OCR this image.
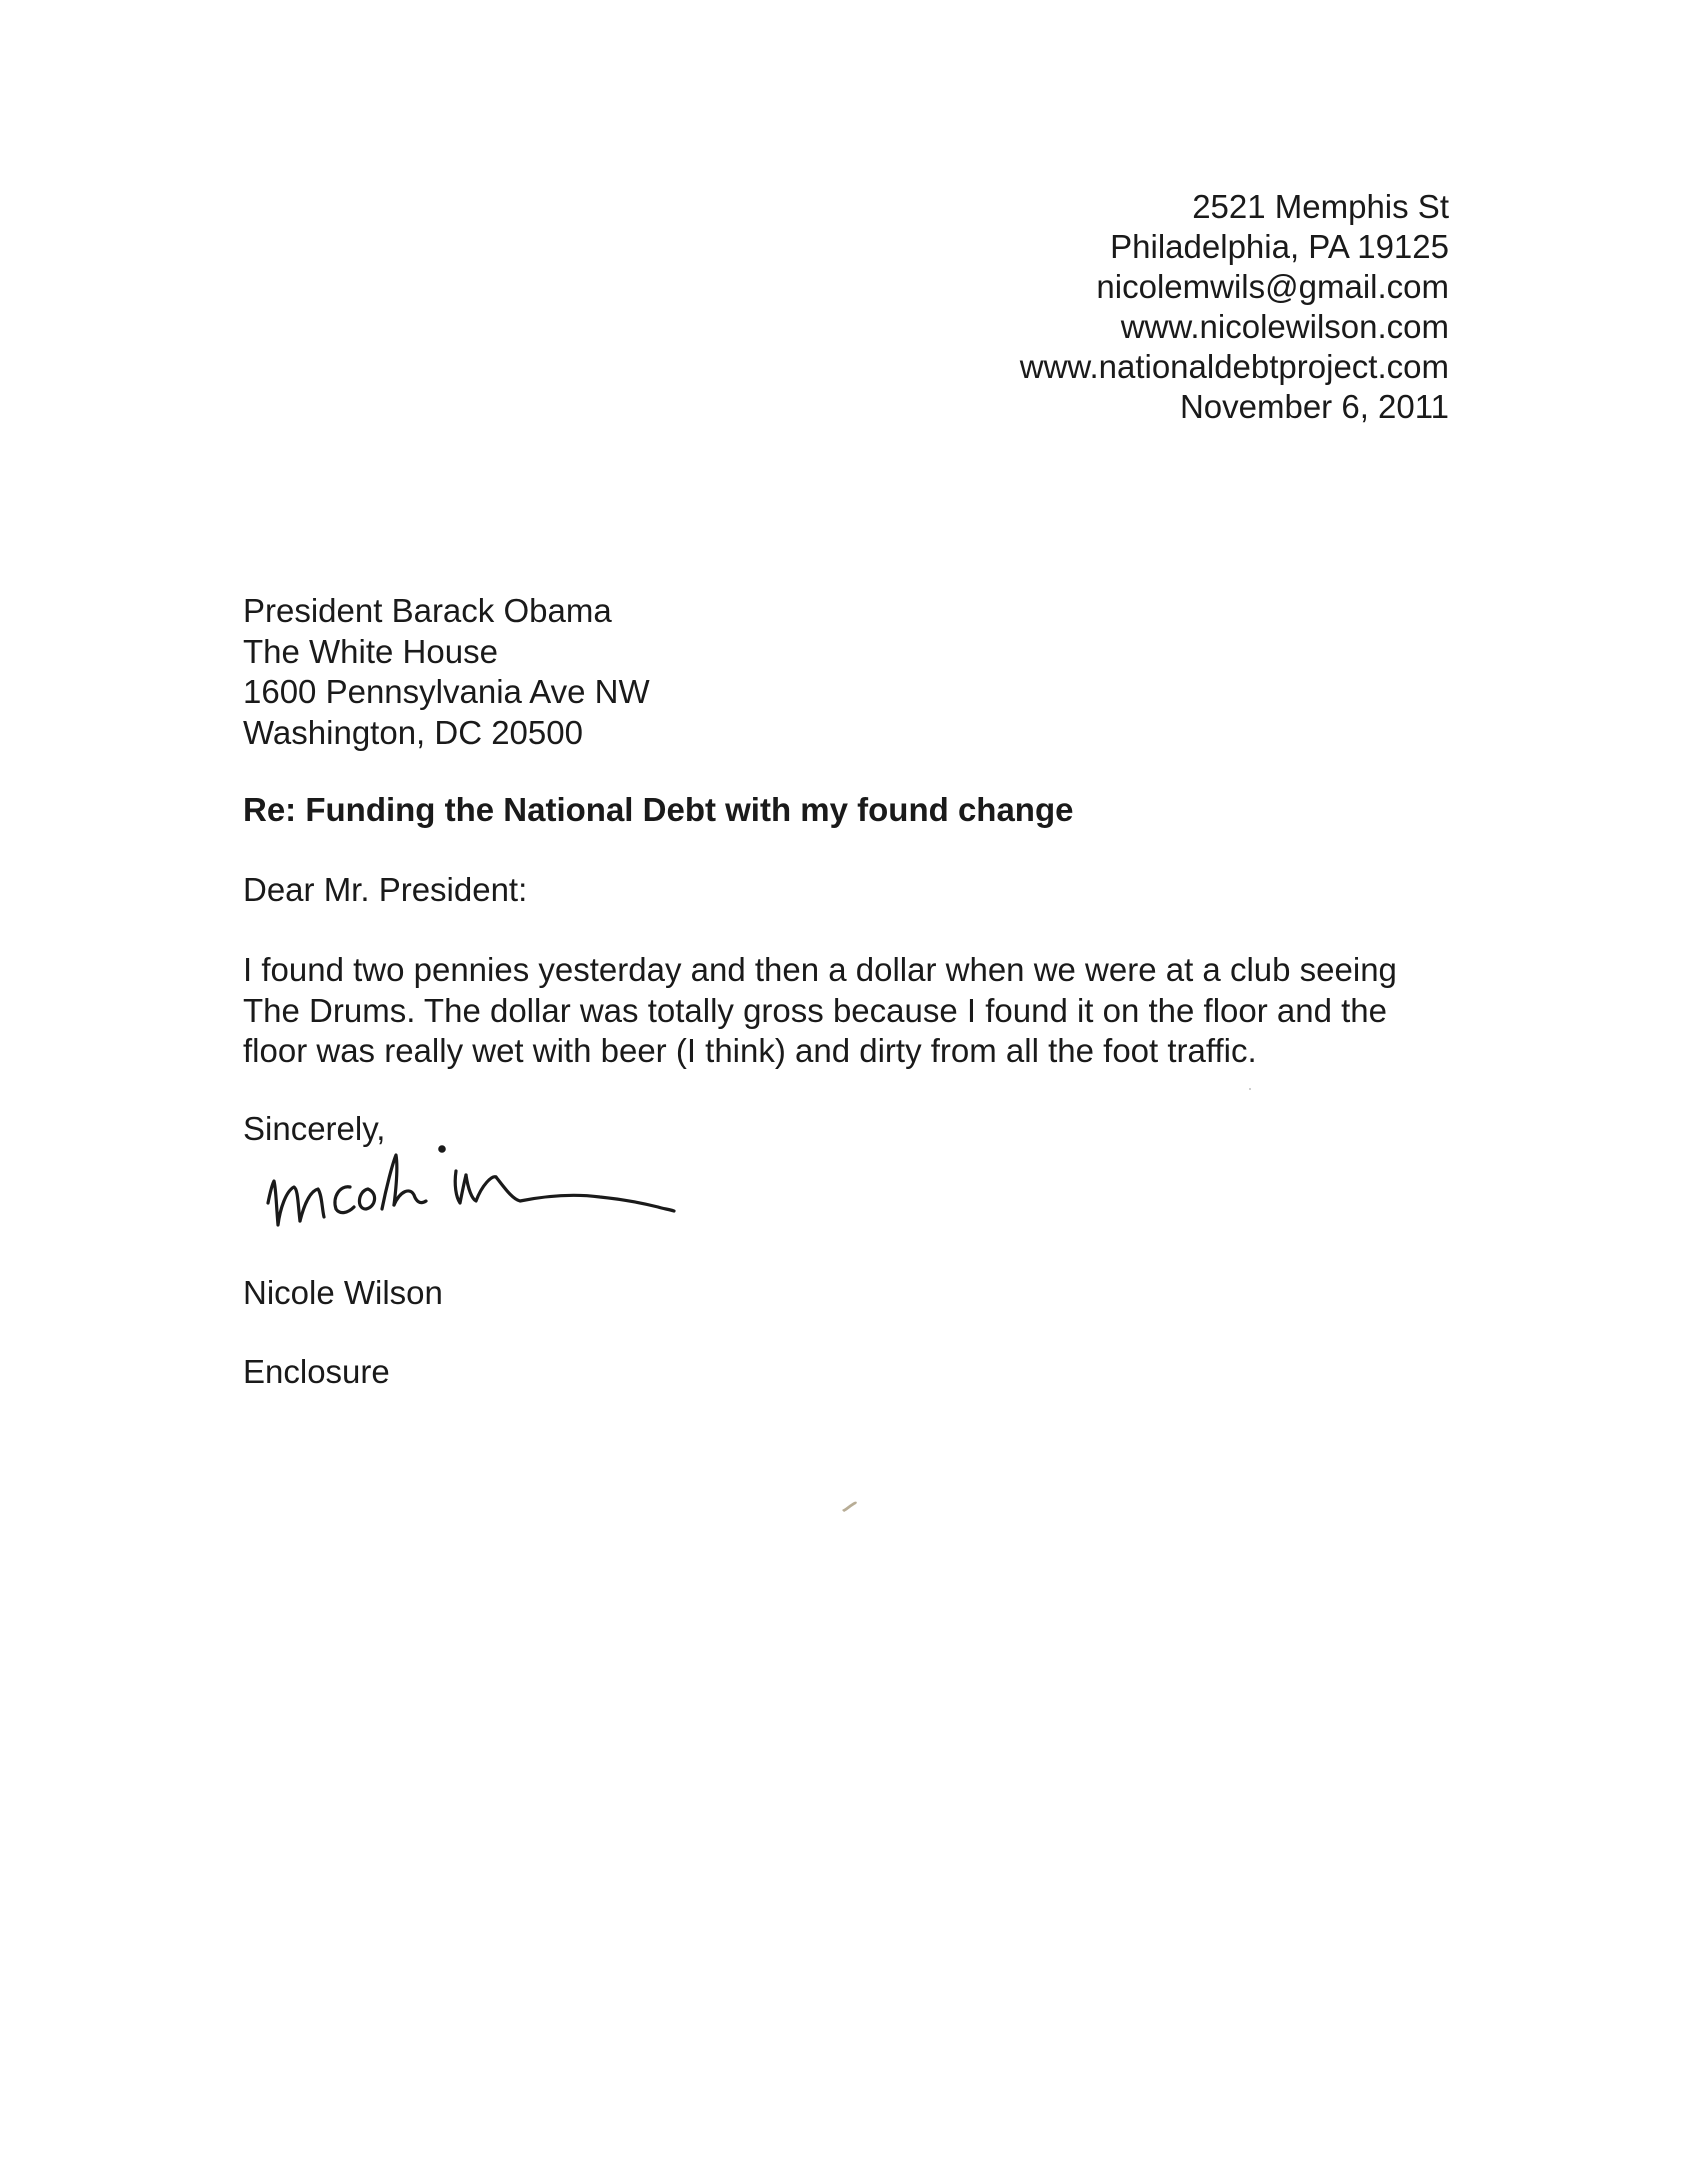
2521 Memphis St
Philadelphia, PA 19125
nicolemwils@gmail.com
www.nicolewilson.com
www.nationaldebtproject.com
November 6, 2011
President Barack Obama
The White House
1600 Pennsylvania Ave NW
Washington, DC 20500
Re: Funding the National Debt with my found change
Dear Mr. President:
I found two pennies yesterday and then a dollar when we were at a club seeing
The Drums. The dollar was totally gross because I found it on the floor and the
floor was really wet with beer (I think) and dirty from all the foot traffic.
Sincerely,
Nicole Wilson
Enclosure
